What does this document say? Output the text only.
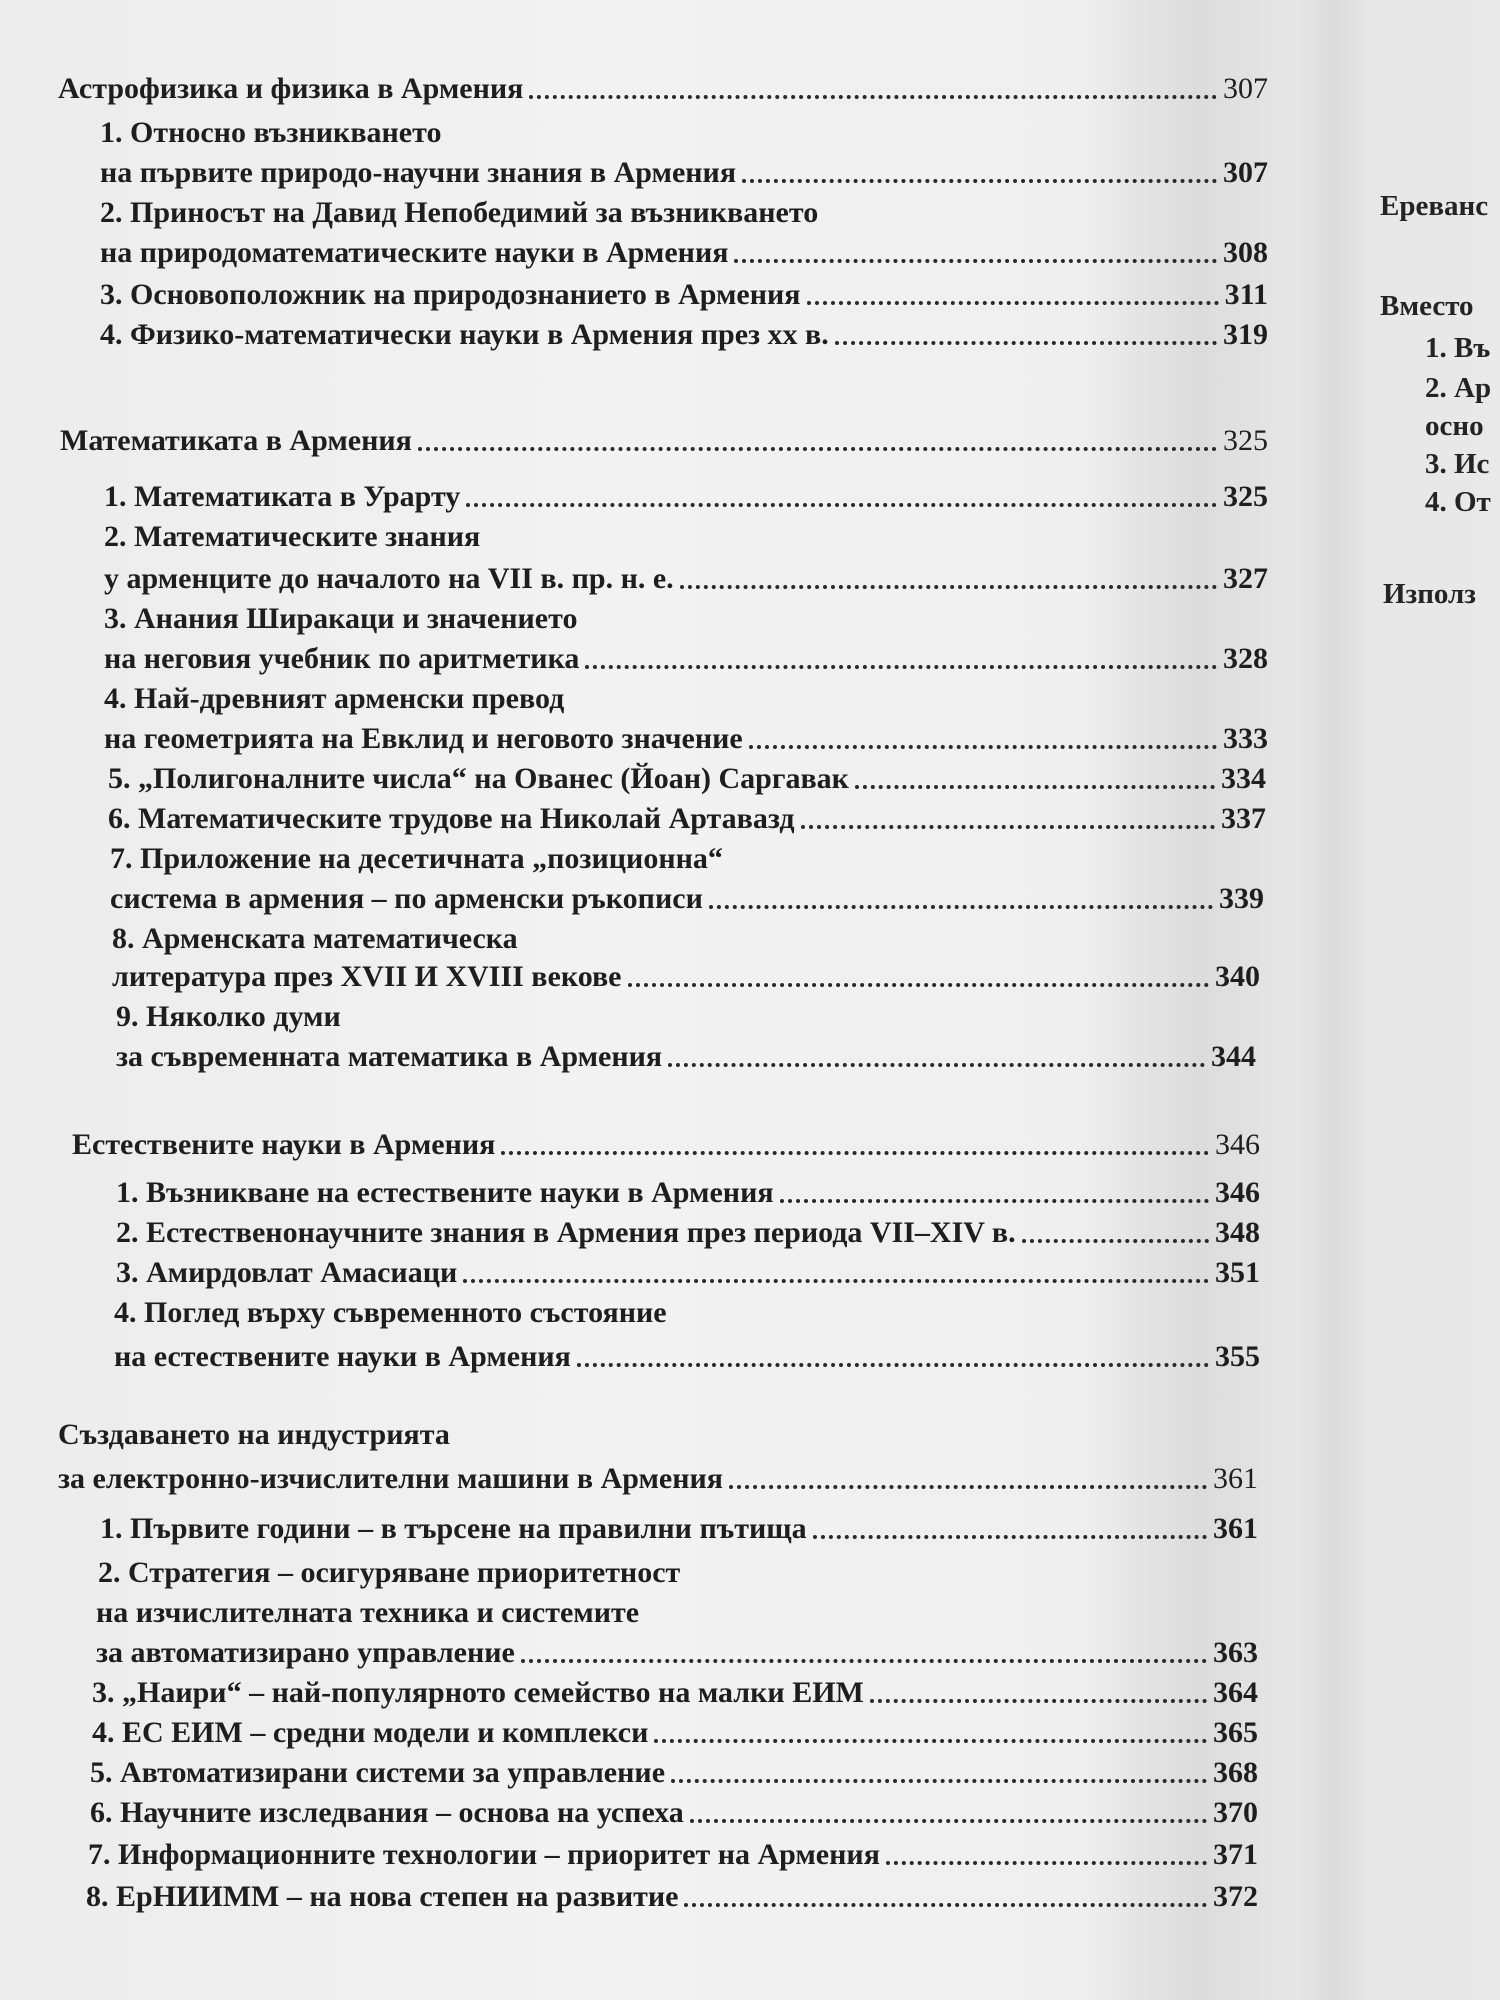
Астрофизика и физика в Армения	307
1. Относно възникването
на първите природо-научни знания в Армения	307
2. Приносът на Давид Непобедимий за възникването
на природоматематическите науки в Армения	308
3. Основоположник на природознанието в Армения	311
4. Физико-математически науки в Армения през xx в.	319
Математиката в Армения	325
1. Математиката в Урарту	325
2. Математическите знания
у арменците до началото на VII в. пр. н. е.	327
3. Анания Ширакаци и значението
на неговия учебник по аритметика	328
4. Най-древният арменски превод
на геометрията на Евклид и неговото значение	333
5. „Полигоналните числа“ на Ованес (Йоан) Саргавак	334
6. Математическите трудове на Николай Артавазд	337
7. Приложение на десетичната „позиционна“
система в армения – по арменски ръкописи	339
8. Арменската математическа
литература през XVII И XVIII векове	340
9. Няколко думи
за съвременната математика в Армения	344
Естествените науки в Армения	346
1. Възникване на естествените науки в Армения	346
2. Естественонаучните знания в Армения през периода VII–XIV в.	348
3. Амирдовлат Амасиаци	351
4. Поглед върху съвременното състояние
на естествените науки в Армения	355
Създаването на индустрията
за електронно-изчислителни машини в Армения	361
1. Първите години – в търсене на правилни пътища	361
2. Стратегия – осигуряване приоритетност
на изчислителната техника и системите
за автоматизирано управление	363
3. „Наири“ – най-популярното семейство на малки ЕИМ	364
4. ЕС ЕИМ – средни модели и комплекси	365
5. Автоматизирани системи за управление	368
6. Научните изследвания – основа на успеха	370
7. Информационните технологии – приоритет на Армения	371
8. ЕрНИИММ – на нова степен на развитие	372
Ереванс
Вместо
1. Въ
2. Ар
осно
3. Ис
4. От
Използ
